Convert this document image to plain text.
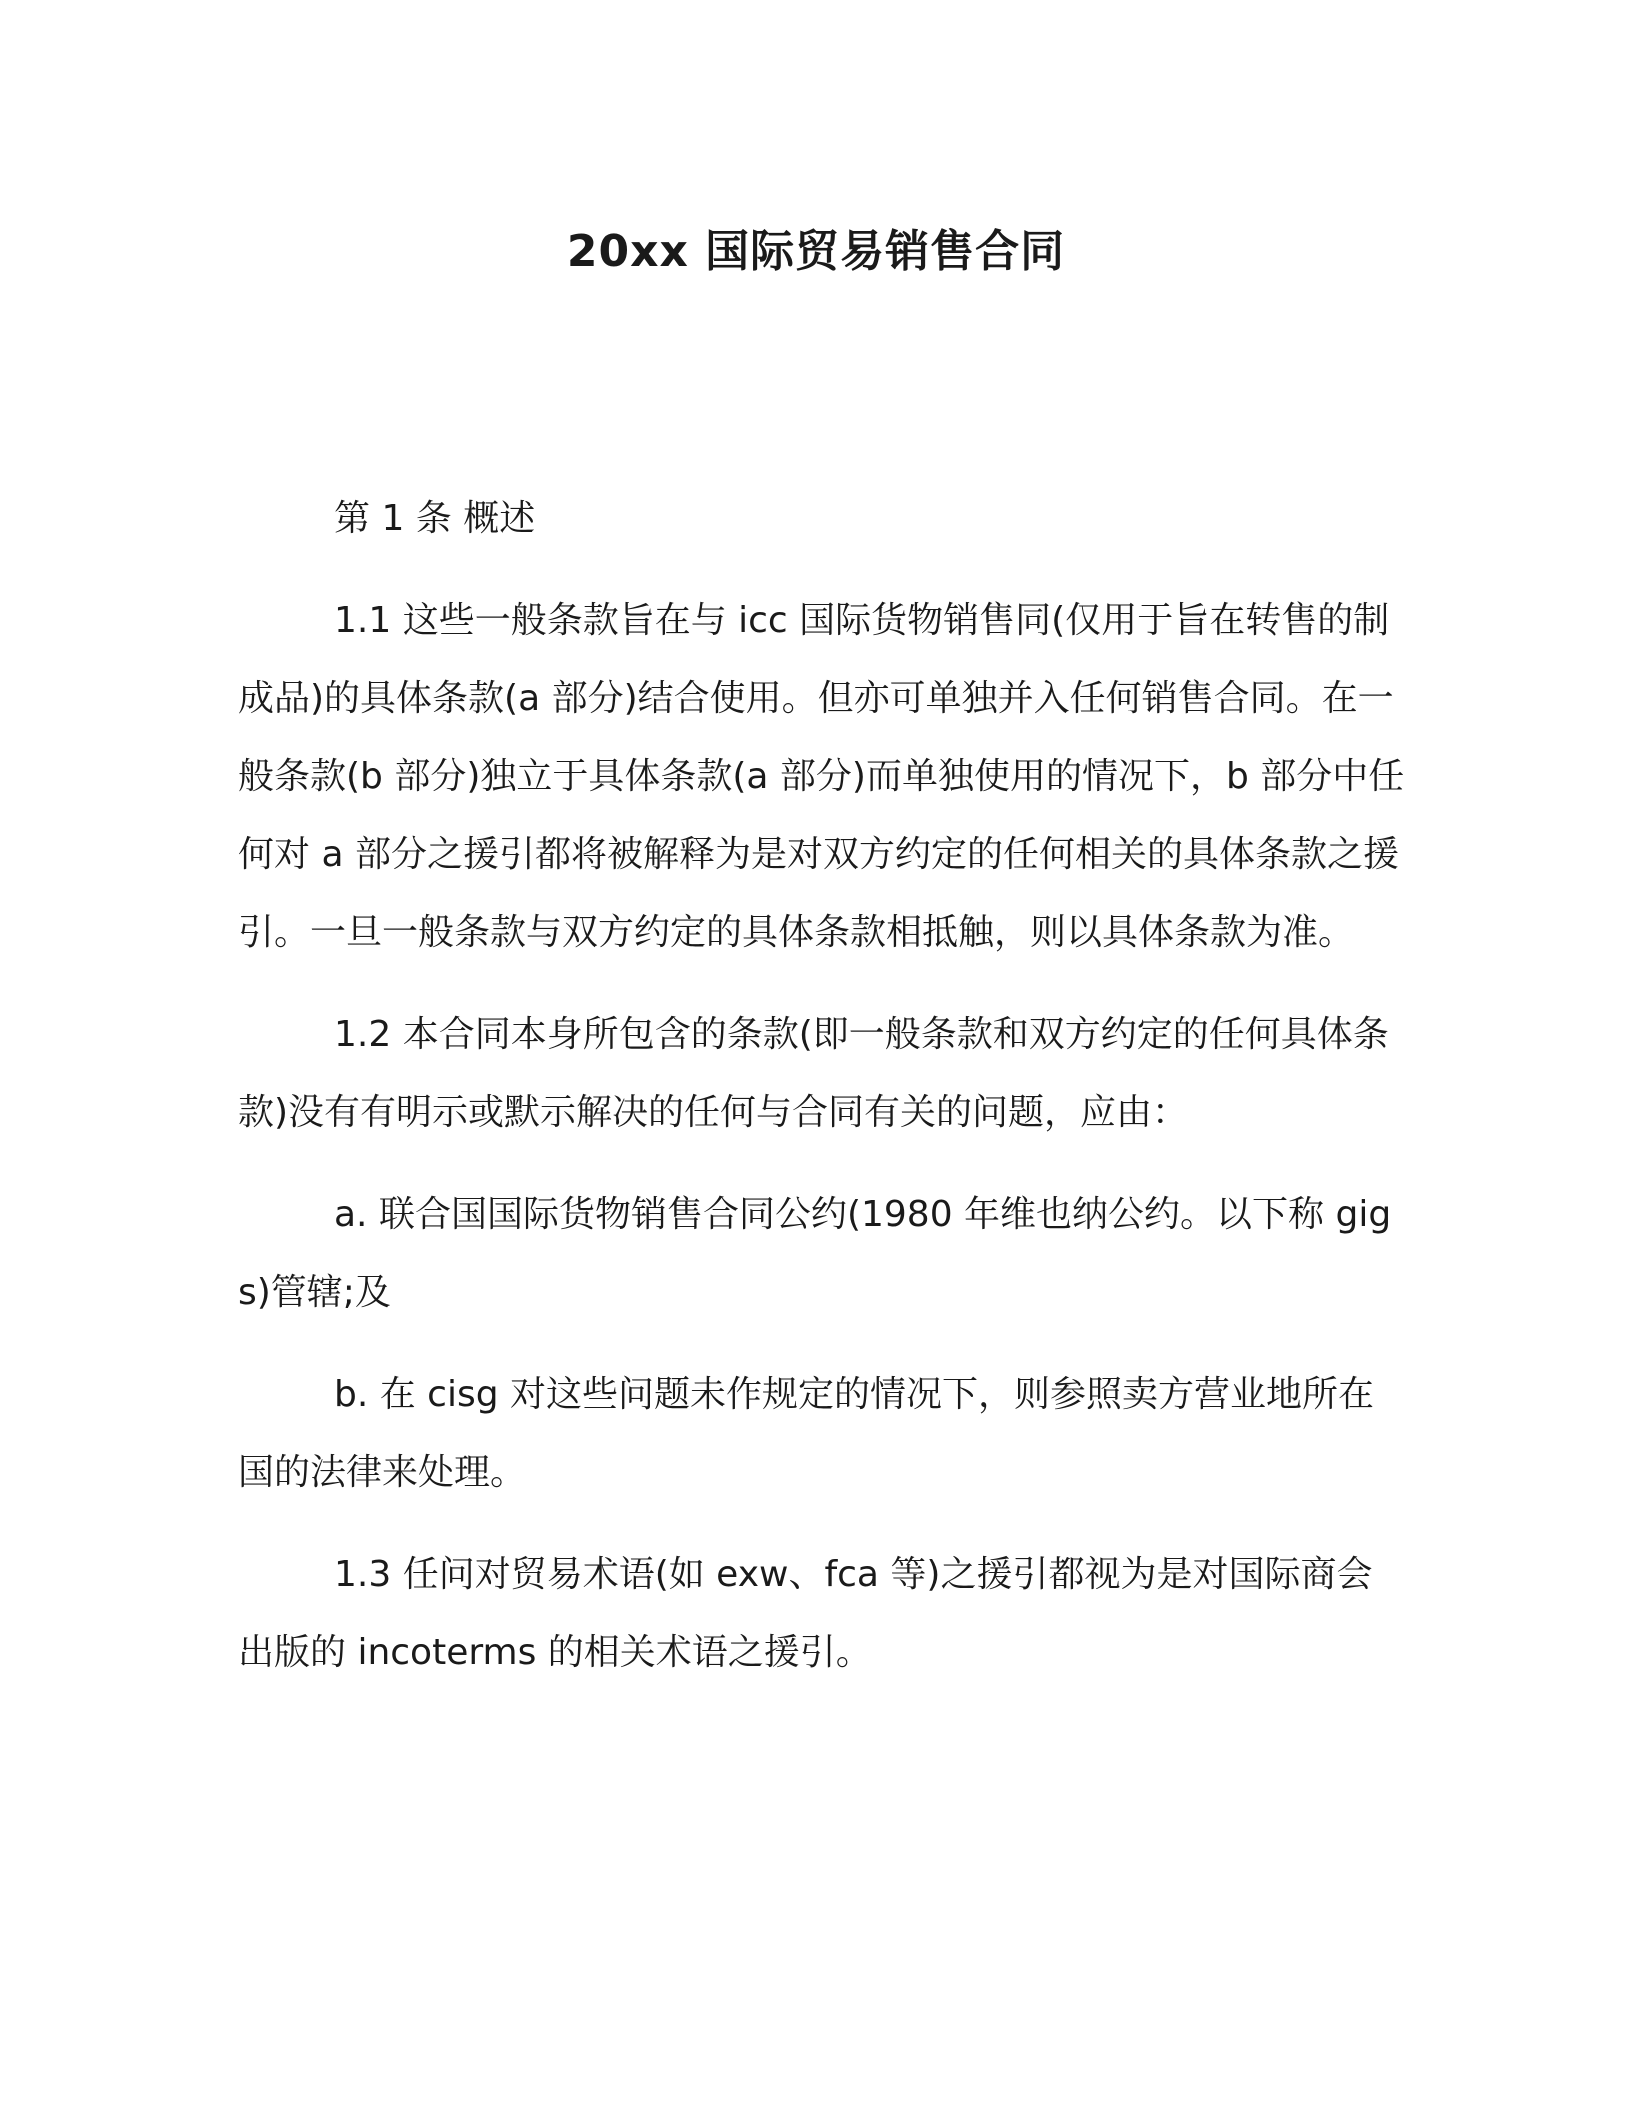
20xx 国际贸易销售合同

第 1 条 概述

1.1 这些一般条款旨在与 icc 国际货物销售同(仅用于旨在转售的制成品)的具体条款(a 部分)结合使用。但亦可单独并入任何销售合同。在一般条款(b 部分)独立于具体条款(a 部分)而单独使用的情况下，b 部分中任何对 a 部分之援引都将被解释为是对双方约定的任何相关的具体条款之援引。一旦一般条款与双方约定的具体条款相抵触，则以具体条款为准。

1.2 本合同本身所包含的条款(即一般条款和双方约定的任何具体条款)没有有明示或默示解决的任何与合同有关的问题，应由：

a. 联合国国际货物销售合同公约(1980 年维也纳公约。以下称 gigs)管辖;及

b. 在 cisg 对这些问题未作规定的情况下，则参照卖方营业地所在国的法律来处理。

1.3 任问对贸易术语(如 exw、fca 等)之援引都视为是对国际商会出版的 incoterms 的相关术语之援引。
